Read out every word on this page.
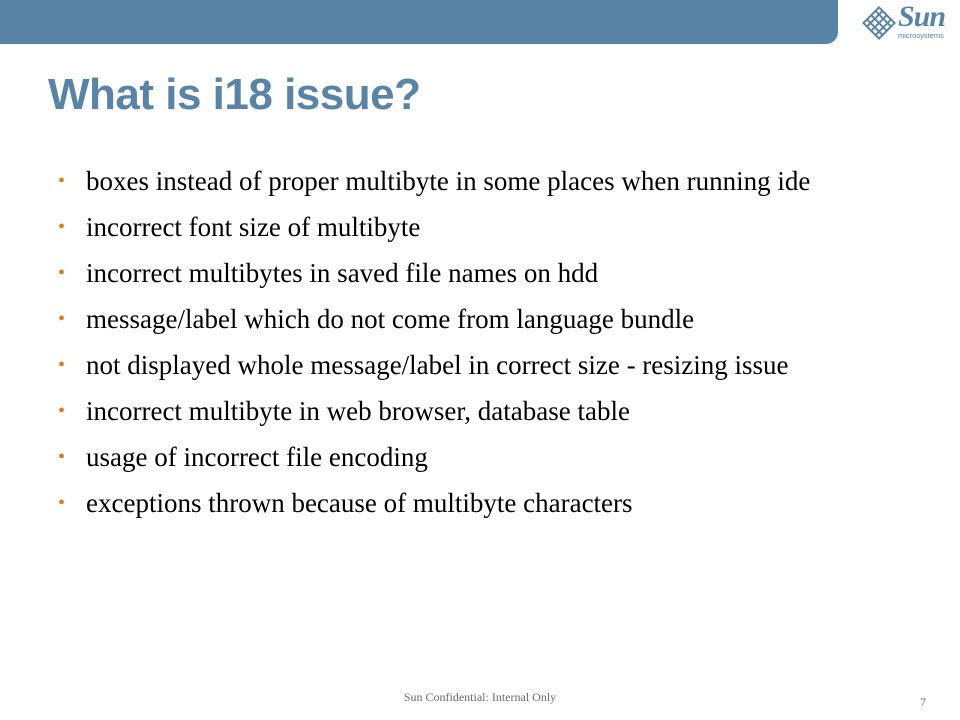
Sun
microsystems
What is i18 issue?
• boxes instead of proper multibyte in some places when running ide
• incorrect font size of multibyte
• incorrect multibytes in saved file names on hdd
• message/label which do not come from language bundle
• not displayed whole message/label in correct size - resizing issue
• incorrect multibyte in web browser, database table
• usage of incorrect file encoding
• exceptions thrown because of multibyte characters
Sun Confidential: Internal Only	7
